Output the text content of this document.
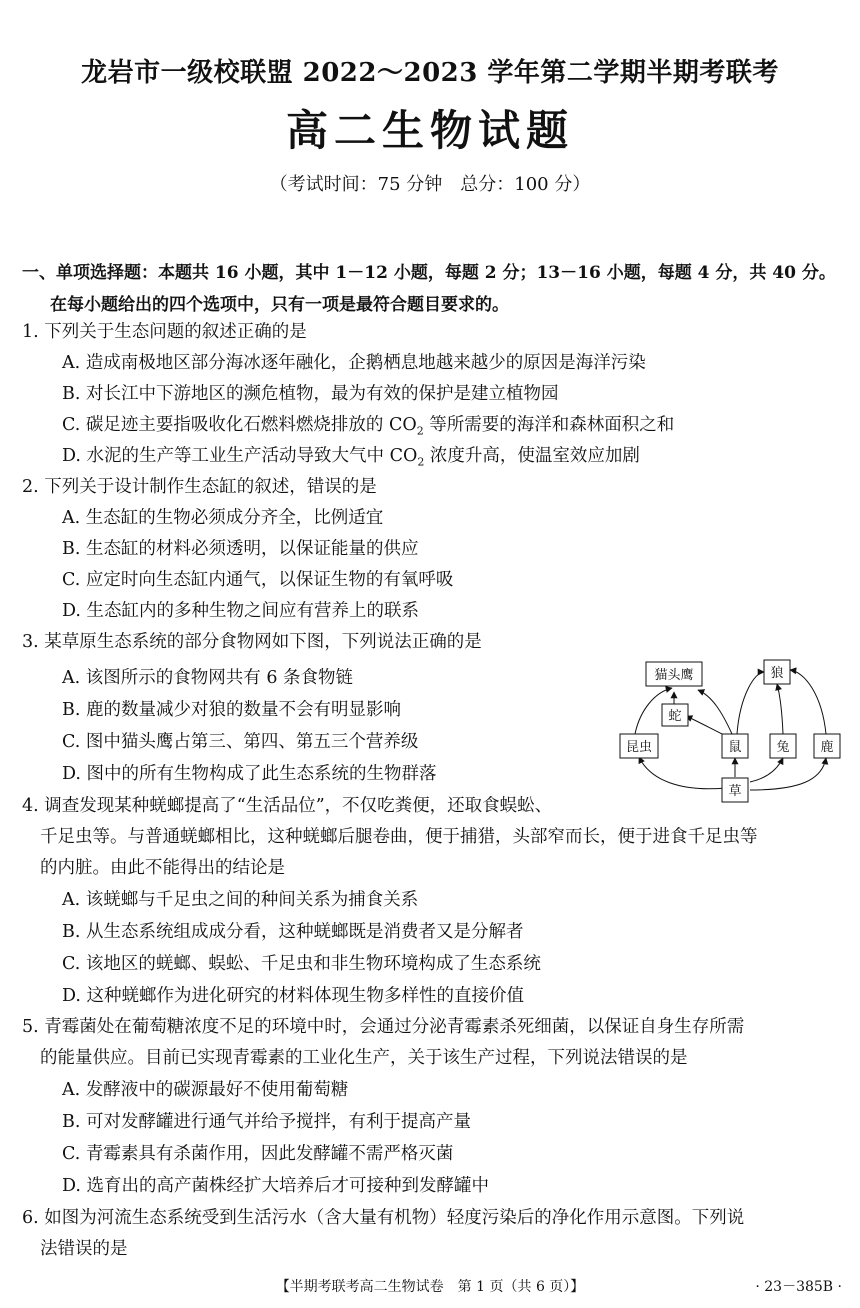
龙岩市一级校联盟 2022～2023 学年第二学期半期考联考
高二生物试题
（考试时间：75 分钟　总分：100 分）
一、单项选择题：本题共 16 小题，其中 1－12 小题，每题 2 分；13－16 小题，每题 4 分，共 40 分。
在每小题给出的四个选项中，只有一项是最符合题目要求的。
1. 下列关于生态问题的叙述正确的是
A. 造成南极地区部分海冰逐年融化，企鹅栖息地越来越少的原因是海洋污染
B. 对长江中下游地区的濒危植物，最为有效的保护是建立植物园
C. 碳足迹主要指吸收化石燃料燃烧排放的 $CO_2$ 等所需要的海洋和森林面积之和
D. 水泥的生产等工业生产活动导致大气中 $CO_2$ 浓度升高，使温室效应加剧
2. 下列关于设计制作生态缸的叙述，错误的是
A. 生态缸的生物必须成分齐全，比例适宜
B. 生态缸的材料必须透明，以保证能量的供应
C. 应定时向生态缸内通气，以保证生物的有氧呼吸
D. 生态缸内的多种生物之间应有营养上的联系
3. 某草原生态系统的部分食物网如下图，下列说法正确的是
A. 该图所示的食物网共有 6 条食物链
B. 鹿的数量减少对狼的数量不会有明显影响
C. 图中猫头鹰占第三、第四、第五三个营养级
D. 图中的所有生物构成了此生态系统的生物群落
猫头鹰	狼
蛇
昆虫	鼠	兔 鹿
草
4. 调查发现某种蜣螂提高了“生活品位”，不仅吃粪便，还取食蜈蚣、
千足虫等。与普通蜣螂相比，这种蜣螂后腿卷曲，便于捕猎，头部窄而长，便于进食千足虫等
的内脏。由此不能得出的结论是
A. 该蜣螂与千足虫之间的种间关系为捕食关系
B. 从生态系统组成成分看，这种蜣螂既是消费者又是分解者
C. 该地区的蜣螂、蜈蚣、千足虫和非生物环境构成了生态系统
D. 这种蜣螂作为进化研究的材料体现生物多样性的直接价值
5. 青霉菌处在葡萄糖浓度不足的环境中时，会通过分泌青霉素杀死细菌，以保证自身生存所需
的能量供应。目前已实现青霉素的工业化生产，关于该生产过程，下列说法错误的是
A. 发酵液中的碳源最好不使用葡萄糖
B. 可对发酵罐进行通气并给予搅拌，有利于提高产量
C. 青霉素具有杀菌作用，因此发酵罐不需严格灭菌
D. 选育出的高产菌株经扩大培养后才可接种到发酵罐中
6. 如图为河流生态系统受到生活污水（含大量有机物）轻度污染后的净化作用示意图。下列说
法错误的是
【半期考联考高二生物试卷　第 1 页（共 6 页）】	· 23－385B ·
